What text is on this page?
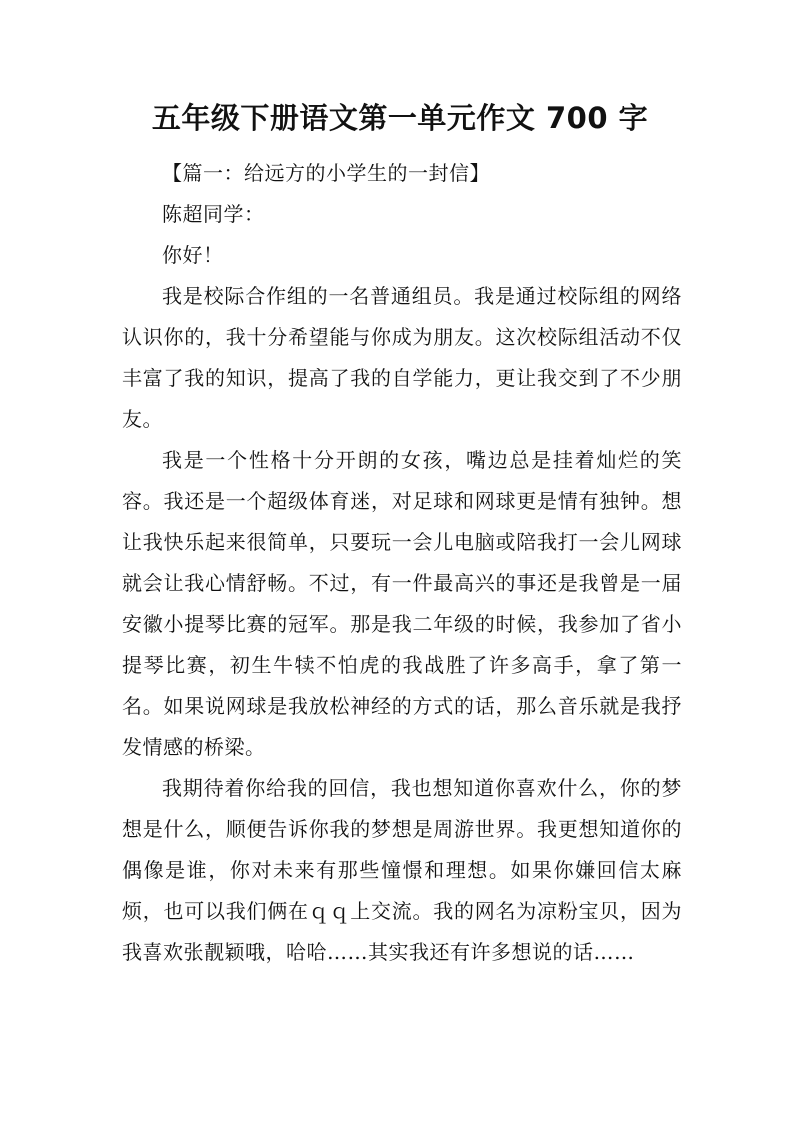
五年级下册语文第一单元作文 700 字

【篇一：给远方的小学生的一封信】

陈超同学：

你好！

我是校际合作组的一名普通组员。我是通过校际组的网络认识你的，我十分希望能与你成为朋友。这次校际组活动不仅丰富了我的知识，提高了我的自学能力，更让我交到了不少朋友。

我是一个性格十分开朗的女孩，嘴边总是挂着灿烂的笑容。我还是一个超级体育迷，对足球和网球更是情有独钟。想让我快乐起来很简单，只要玩一会儿电脑或陪我打一会儿网球就会让我心情舒畅。不过，有一件最高兴的事还是我曾是一届安徽小提琴比赛的冠军。那是我二年级的时候，我参加了省小提琴比赛，初生牛犊不怕虎的我战胜了许多高手，拿了第一名。如果说网球是我放松神经的方式的话，那么音乐就是我抒发情感的桥梁。

我期待着你给我的回信，我也想知道你喜欢什么，你的梦想是什么，顺便告诉你我的梦想是周游世界。我更想知道你的偶像是谁，你对未来有那些憧憬和理想。如果你嫌回信太麻烦，也可以我们俩在ｑｑ上交流。我的网名为凉粉宝贝，因为我喜欢张靓颖哦，哈哈……其实我还有许多想说的话……
